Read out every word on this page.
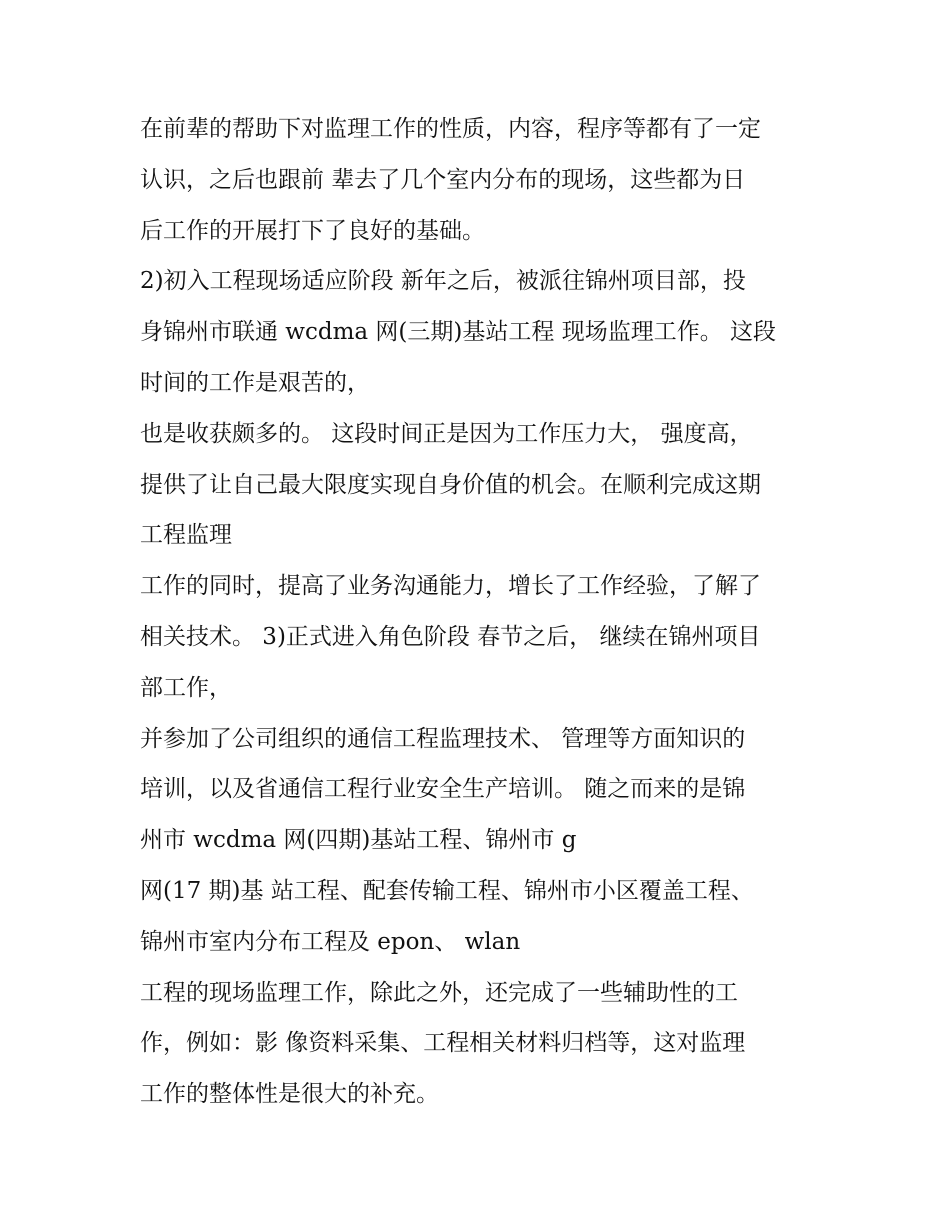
在前辈的帮助下对监理工作的性质，内容，程序等都有了一定
认识，之后也跟前 辈去了几个室内分布的现场，这些都为日
后工作的开展打下了良好的基础。
2)初入工程现场适应阶段 新年之后，被派往锦州项目部，投
身锦州市联通 wcdma 网(三期)基站工程 现场监理工作。 这段
时间的工作是艰苦的，
也是收获颇多的。 这段时间正是因为工作压力大， 强度高，
提供了让自己最大限度实现自身价值的机会。在顺利完成这期
工程监理
工作的同时，提高了业务沟通能力，增长了工作经验，了解了
相关技术。 3)正式进入角色阶段 春节之后， 继续在锦州项目
部工作，
并参加了公司组织的通信工程监理技术、 管理等方面知识的
培训，以及省通信工程行业安全生产培训。 随之而来的是锦
州市 wcdma 网(四期)基站工程、锦州市 g
网(17 期)基 站工程、配套传输工程、锦州市小区覆盖工程、
锦州市室内分布工程及 epon、 wlan
工程的现场监理工作，除此之外，还完成了一些辅助性的工
作，例如：影 像资料采集、工程相关材料归档等，这对监理
工作的整体性是很大的补充。
